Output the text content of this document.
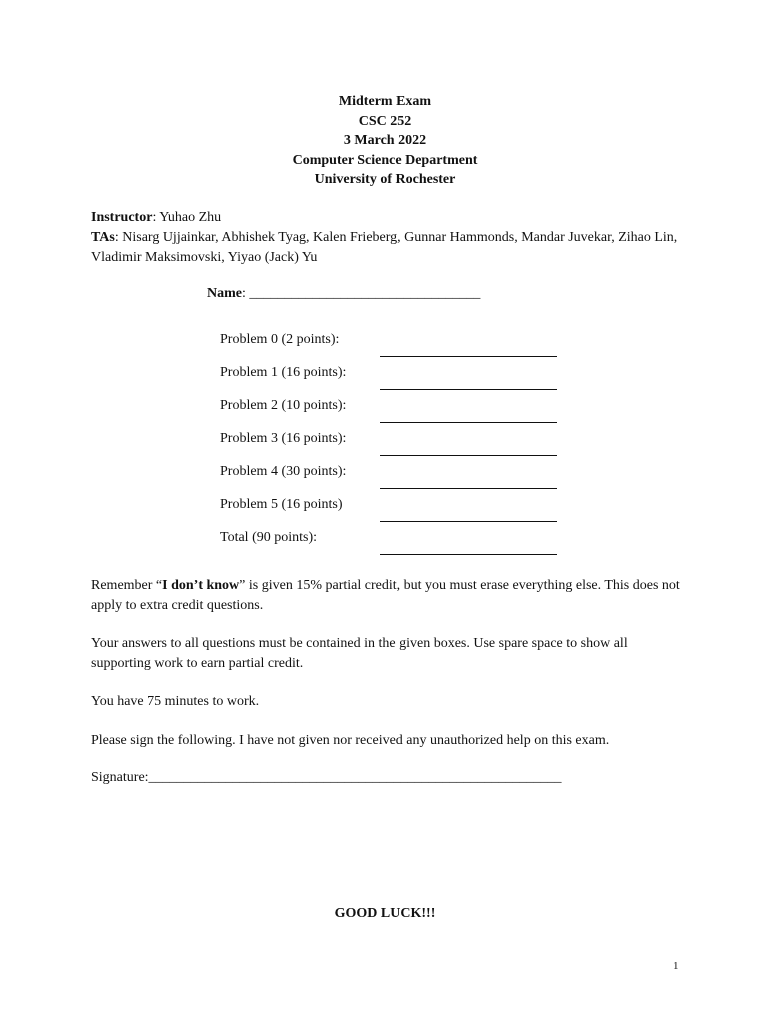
Midterm Exam
CSC 252
3 March 2022
Computer Science Department
University of Rochester
Instructor: Yuhao Zhu
TAs: Nisarg Ujjainkar, Abhishek Tyag, Kalen Frieberg, Gunnar Hammonds, Mandar Juvekar, Zihao Lin, Vladimir Maksimovski, Yiyao (Jack) Yu
Name: _________________________________
Problem 0 (2 points):
Problem 1 (16 points):
Problem 2 (10 points):
Problem 3 (16 points):
Problem 4 (30 points):
Problem 5 (16 points)
Total (90 points):
Remember “I don’t know” is given 15% partial credit, but you must erase everything else. This does not apply to extra credit questions.
Your answers to all questions must be contained in the given boxes. Use spare space to show all supporting work to earn partial credit.
You have 75 minutes to work.
Please sign the following. I have not given nor received any unauthorized help on this exam.
Signature:___________________________________________________________
GOOD LUCK!!!
1
